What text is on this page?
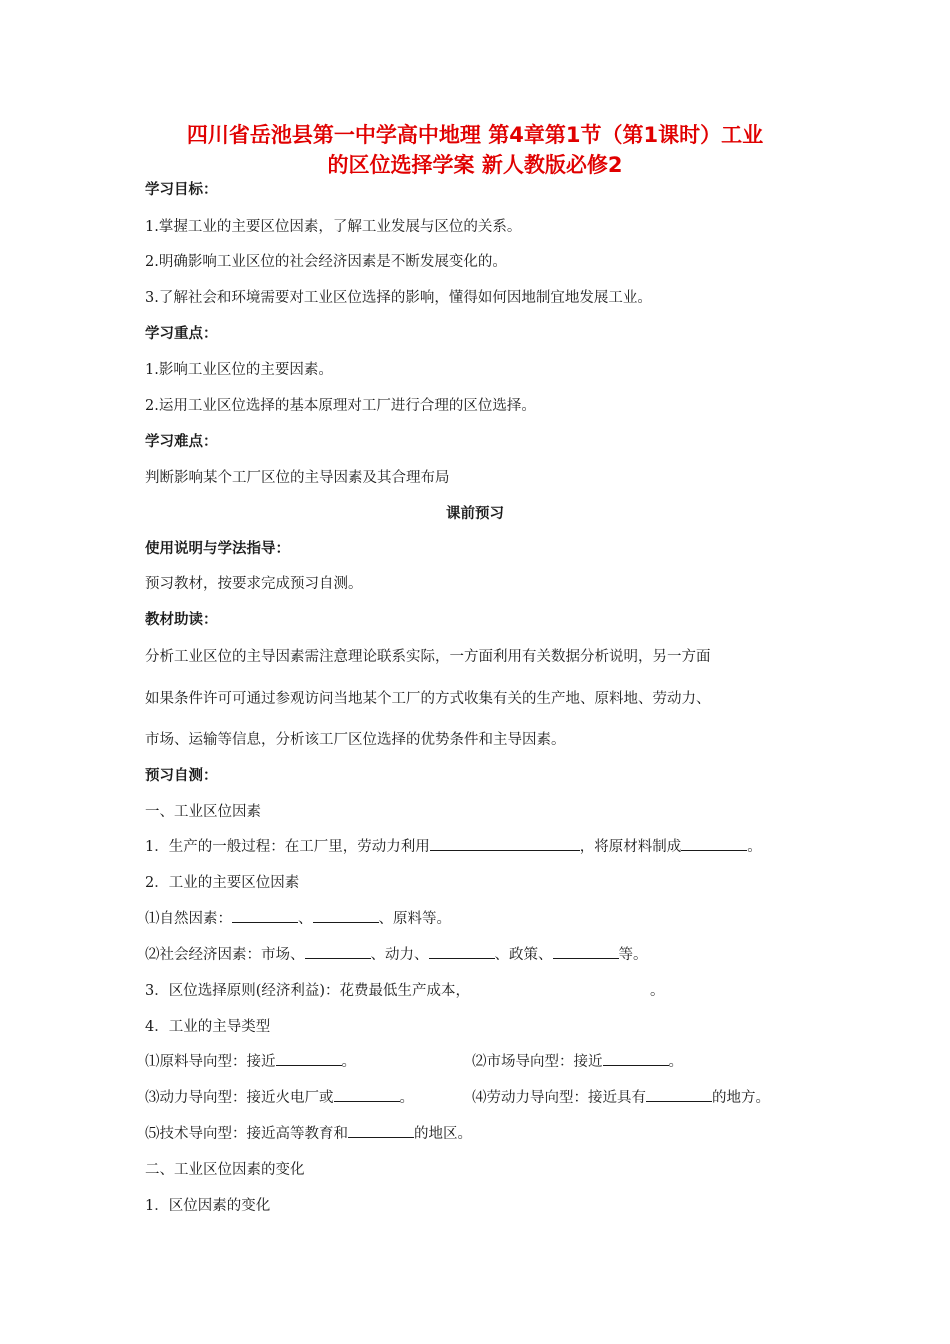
四川省岳池县第一中学高中地理 第4章第1节（第1课时）工业
的区位选择学案 新人教版必修2
学习目标：
1.掌握工业的主要区位因素，了解工业发展与区位的关系。
2.明确影响工业区位的社会经济因素是不断发展变化的。
3.了解社会和环境需要对工业区位选择的影响，懂得如何因地制宜地发展工业。
学习重点：
1.影响工业区位的主要因素。
2.运用工业区位选择的基本原理对工厂进行合理的区位选择。
学习难点：
判断影响某个工厂区位的主导因素及其合理布局
课前预习
使用说明与学法指导：
预习教材，按要求完成预习自测。
教材助读：
分析工业区位的主导因素需注意理论联系实际，一方面利用有关数据分析说明，另一方面
如果条件许可可通过参观访问当地某个工厂的方式收集有关的生产地、原料地、劳动力、
市场、运输等信息，分析该工厂区位选择的优势条件和主导因素。
预习自测：
一、工业区位因素
1．生产的一般过程：在工厂里，劳动力利用	，将原材料制成	。
2．工业的主要区位因素
⑴自然因素：	、	、原料等。
⑵社会经济因素：市场、	、动力、	、政策、	等。
3．区位选择原则(经济利益)：花费最低生产成本，	。
4．工业的主导类型
⑴原料导向型：接近	。	⑵市场导向型：接近	。
⑶动力导向型：接近火电厂或	。	⑷劳动力导向型：接近具有	的地方。
⑸技术导向型：接近高等教育和	的地区。
二、工业区位因素的变化
1．区位因素的变化
